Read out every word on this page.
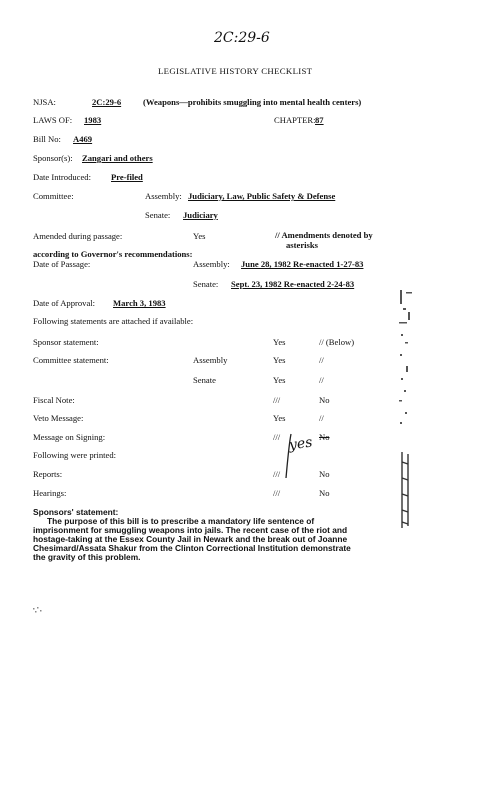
2C:29-6
LEGISLATIVE HISTORY CHECKLIST
NJSA:	2C:29-6	(Weapons—prohibits smuggling into mental health centers)
LAWS OF: 1983	CHAPTER: 87
Bill No: A469
Sponsor(s): Zangari and others
Date Introduced: Pre-filed
Committee:	Assembly: Judiciary, Law, Public Safety & Defense
Senate: Judiciary
Amended during passage:	Yes	// Amendments denoted by
asterisks
according to Governor's recommendations:
Date of Passage:	Assembly: June 28, 1982 Re-enacted 1-27-83
Senate: Sept. 23, 1982 Re-enacted 2-24-83
Date of Approval: March 3, 1983
Following statements are attached if available:
Sponsor statement:	Yes	// (Below)
Committee statement:	Assembly	Yes	//
Senate	Yes	//
Fiscal Note:	///	No
Veto Message:	Yes	//
Message on Signing:	///	No
yes
Following were printed:
Reports:	///	No
Hearings:	///	No
Sponsors' statement:
The purpose of this bill is to prescribe a mandatory life sentence of
imprisonment for smuggling weapons into jails. The recent case of the riot and
hostage-taking at the Essex County Jail in Newark and the break out of Joanne
Chesimard/Assata Shakur from the Clinton Correctional Institution demonstrate
the gravity of this problem.
